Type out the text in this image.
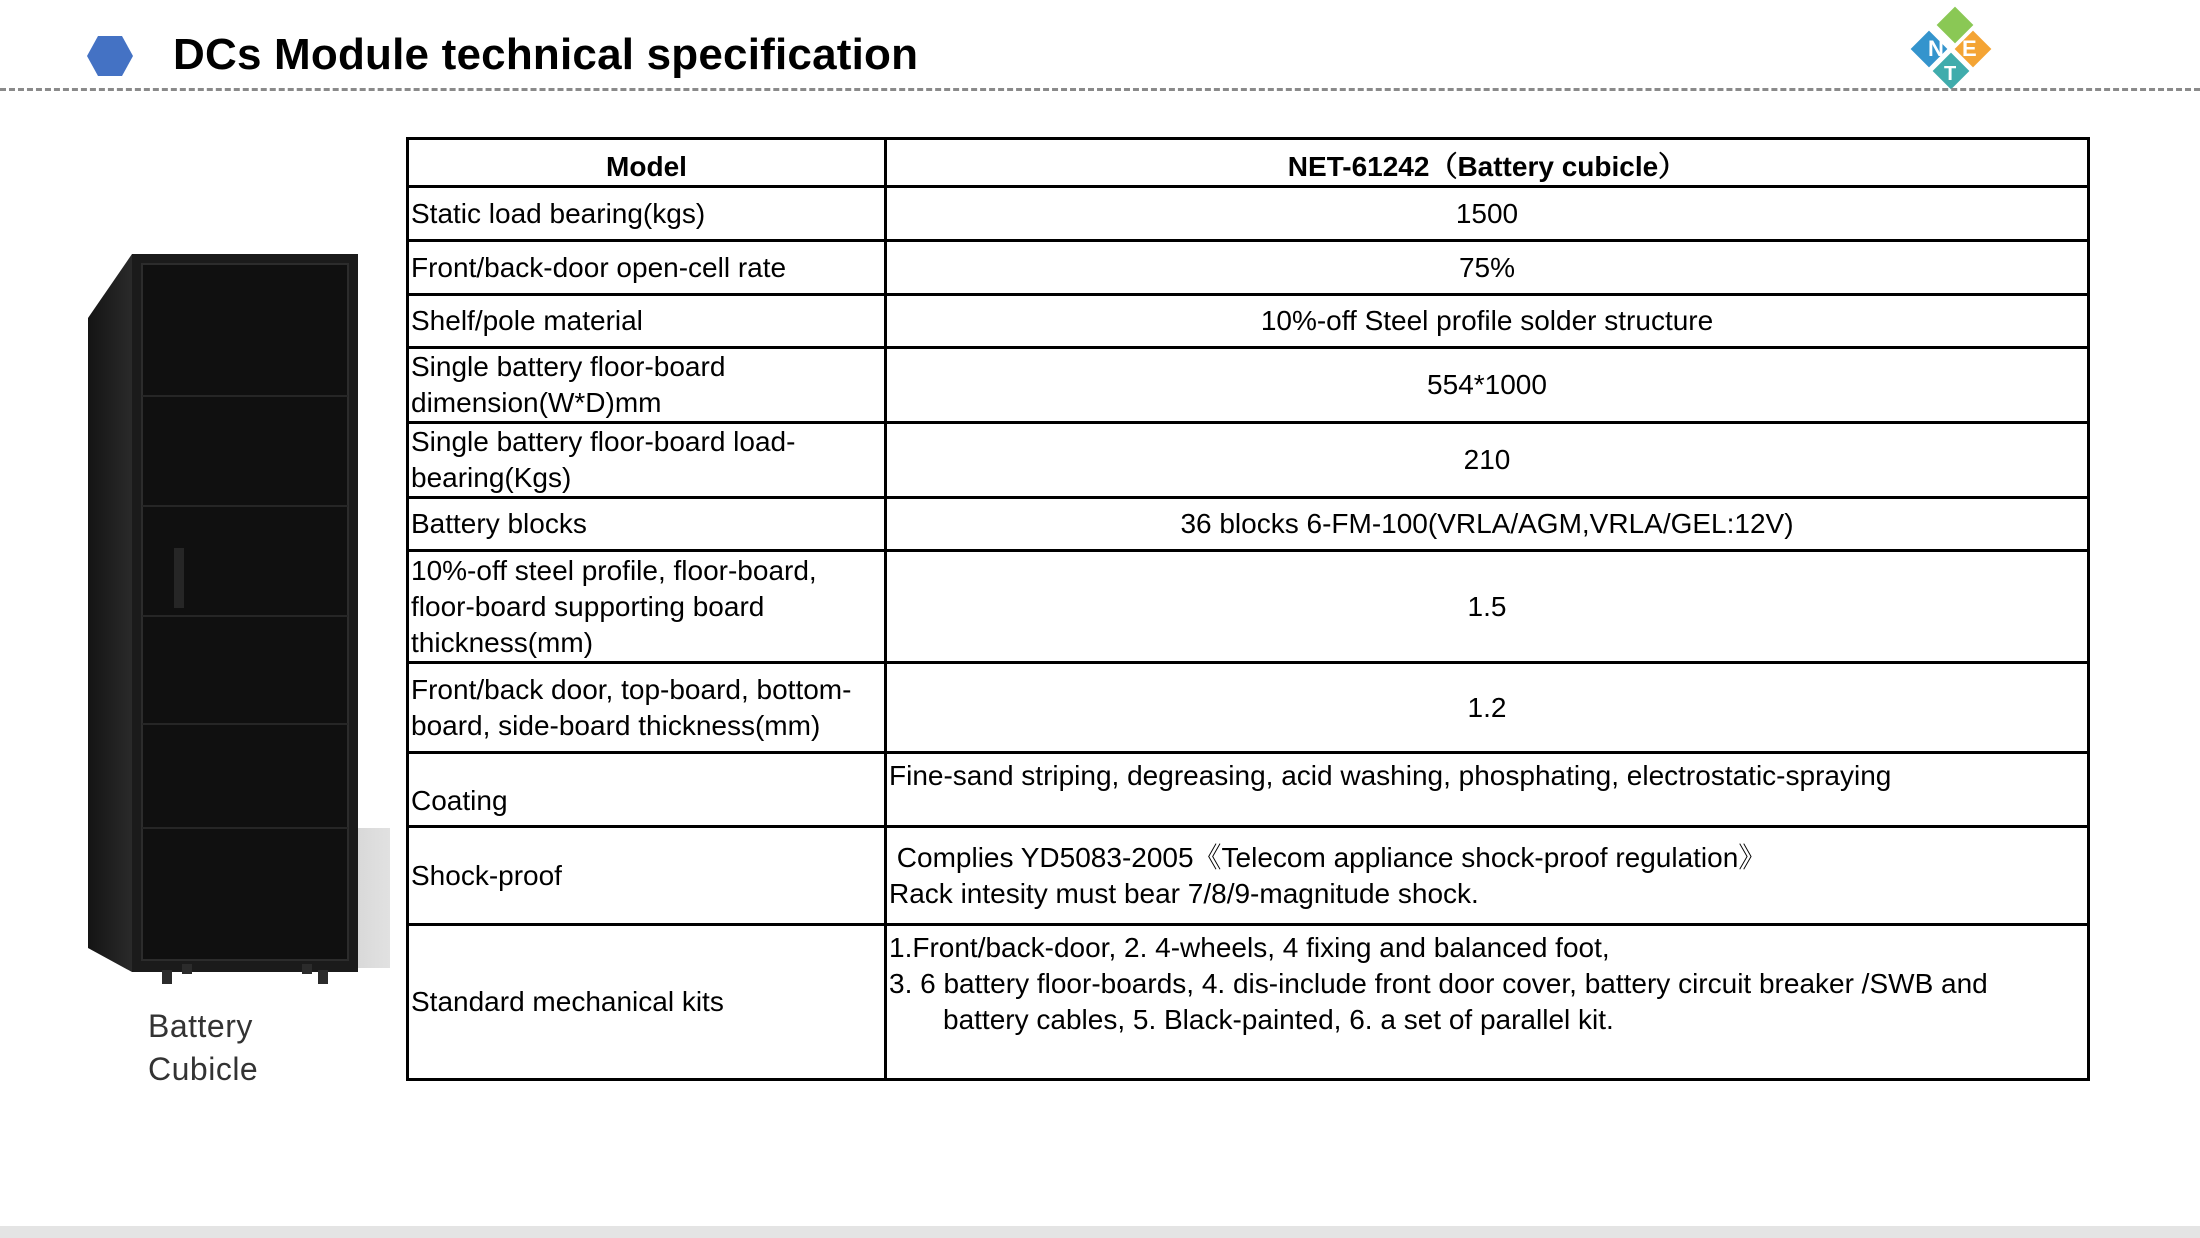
DCs Module technical specification	N E
T
Battery
Cubicle
Model	NET-61242（Battery cubicle）
Static load bearing(kgs)	1500
Front/back-door open-cell rate	75%
Shelf/pole material	10%-off Steel profile solder structure
Single battery floor-board dimension(W*D)mm	554*1000
Single battery floor-board load-bearing(Kgs)	210
Battery blocks	36 blocks 6-FM-100(VRLA/AGM,VRLA/GEL:12V)
10%-off steel profile, floor-board, floor-board supporting board thickness(mm)	1.5
Front/back door, top-board, bottom-board, side-board thickness(mm)	1.2
Coating	Fine-sand striping, degreasing, acid washing, phosphating, electrostatic-spraying
Shock-proof	Complies YD5083-2005《Telecom appliance shock-proof regulation》
Rack intesity must bear 7/8/9-magnitude shock.

Standard mechanical kits	1.Front/back-door, 2. 4-wheels, 4 fixing and balanced foot,
3. 6 battery floor-boards, 4. dis-include front door cover, battery circuit breaker /SWB and
battery cables, 5. Black-painted, 6. a set of parallel kit.
